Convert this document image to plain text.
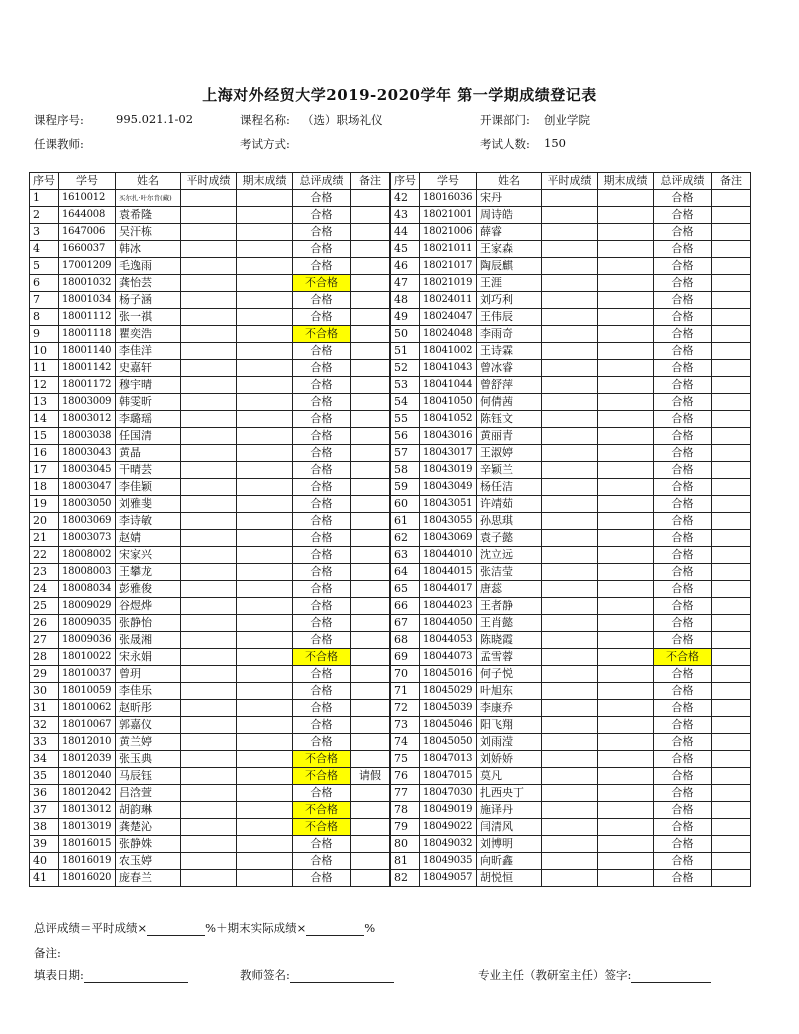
上海对外经贸大学2019-2020学年 第一学期成绩登记表
课程序号:	995.021.1-02	课程名称: （选）职场礼仪	开课部门: 创业学院
任课教师:	考试方式:	考试人数: 150
序号	学号	姓名	平时成绩	期末成绩	总评成绩	备注
1	1610012	买尔扎·叶尔肯(藏)			合格	
2	1644008	袁希隆			合格	
3	1647006	吴汗栋			合格	
4	1660037	韩冰			合格	
5	17001209	毛逸雨			合格	
6	18001032	龚怡芸			不合格	
7	18001034	杨子涵			合格	
8	18001112	张一祺			合格	
9	18001118	瞿奕浩			不合格	
10	18001140	李佳洋			合格	
11	18001142	史嘉轩			合格	
12	18001172	穆宇晴			合格	
13	18003009	韩雯昕			合格	
14	18003012	李璐瑶			合格	
15	18003038	任国清			合格	
16	18003043	黄晶			合格	
17	18003045	干晴芸			合格	
18	18003047	李佳颖			合格	
19	18003050	刘雅斐			合格	
20	18003069	李诗敏			合格	
21	18003073	赵婧			合格	
22	18008002	宋家兴			合格	
23	18008003	王攀龙			合格	
24	18008034	彭雅俊			合格	
25	18009029	谷煜烨			合格	
26	18009035	张静怡			合格	
27	18009036	张晟湘			合格	
28	18010022	宋永娟			不合格	
29	18010037	曾玥			合格	
30	18010059	李佳乐			合格	
31	18010062	赵昕彤			合格	
32	18010067	郭嘉仪			合格	
33	18012010	黄兰婷			合格	
34	18012039	张玉典			不合格	
35	18012040	马辰钰			不合格	请假
36	18012042	吕浛萱			合格	
37	18013012	胡韵琳			不合格	
38	18013019	龚楚沁			不合格	
39	18016015	张静姝			合格	
40	18016019	农玉婷			合格	
41	18016020	庞春兰			合格	
序号	学号	姓名	平时成绩	期末成绩	总评成绩	备注
42	18016036	宋丹			合格	
43	18021001	周诗皓			合格	
44	18021006	薛睿			合格	
45	18021011	王家森			合格	
46	18021017	陶辰麒			合格	
47	18021019	王涯			合格	
48	18024011	刘巧利			合格	
49	18024047	王伟辰			合格	
50	18024048	李雨奇			合格	
51	18041002	王诗霖			合格	
52	18041043	曾冰睿			合格	
53	18041044	曾舒萍			合格	
54	18041050	何倩茜			合格	
55	18041052	陈钰文			合格	
56	18043016	黄丽青			合格	
57	18043017	王淑婷			合格	
58	18043019	辛颖兰			合格	
59	18043049	杨任洁			合格	
60	18043051	许靖茹			合格	
61	18043055	孙思琪			合格	
62	18043069	袁子懿			合格	
63	18044010	沈立远			合格	
64	18044015	张洁莹			合格	
65	18044017	唐蕊			合格	
66	18044023	王者静			合格	
67	18044050	王肖懿			合格	
68	18044053	陈晓霞			合格	
69	18044073	孟雪蓉			不合格	
70	18045016	何子悦			合格	
71	18045029	叶旭东			合格	
72	18045039	李康乔			合格	
73	18045046	阳飞翔			合格	
74	18045050	刘雨滢			合格	
75	18047013	刘娇娇			合格	
76	18047015	莫凡			合格	
77	18047030	扎西央丁			合格	
78	18049019	施译丹			合格	
79	18049022	闫清风			合格	
80	18049032	刘博明			合格	
81	18049035	向昕鑫			合格	
82	18049057	胡悦恒			合格	
总评成绩＝平时成绩×	%＋期末实际成绩×	%
备注:
填表日期:	教师签名:	专业主任（教研室主任）签字:
